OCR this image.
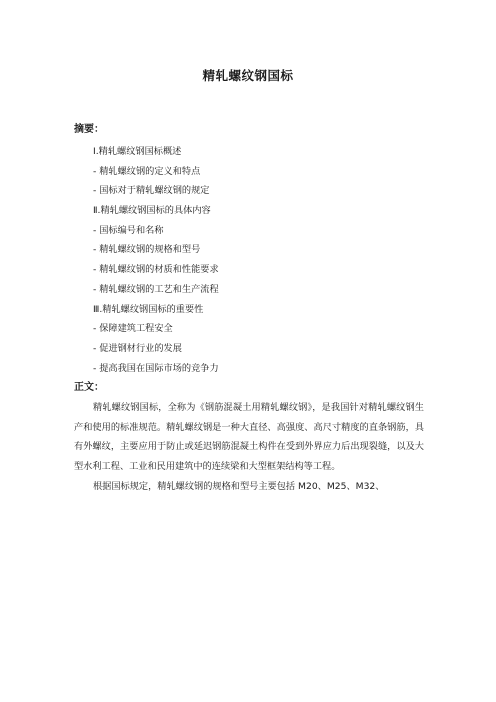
精轧螺纹钢国标
摘要：
Ⅰ.精轧螺纹钢国标概述
- 精轧螺纹钢的定义和特点
- 国标对于精轧螺纹钢的规定
Ⅱ.精轧螺纹钢国标的具体内容
- 国标编号和名称
- 精轧螺纹钢的规格和型号
- 精轧螺纹钢的材质和性能要求
- 精轧螺纹钢的工艺和生产流程
Ⅲ.精轧螺纹钢国标的重要性
- 保障建筑工程安全
- 促进钢材行业的发展
- 提高我国在国际市场的竞争力
正文：

精轧螺纹钢国标，全称为《钢筋混凝土用精轧螺纹钢》，是我国针对精轧螺纹钢生产和使用的标准规范。精轧螺纹钢是一种大直径、高强度、高尺寸精度的直条钢筋，具有外螺纹，主要应用于防止或延迟钢筋混凝土构件在受到外界应力后出现裂缝，以及大型水利工程、工业和民用建筑中的连续梁和大型框架结构等工程。

根据国标规定，精轧螺纹钢的规格和型号主要包括 M20、M25、M32、
